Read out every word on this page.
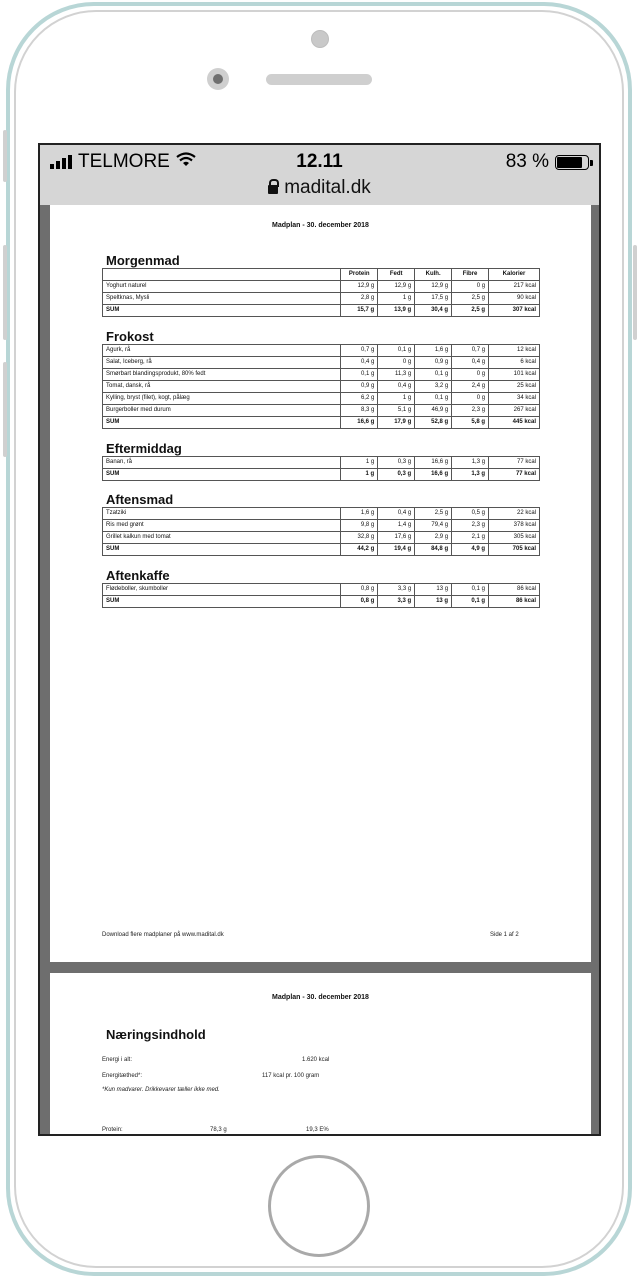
TELMORE	12.11	83 %
madital.dk
Madplan - 30. december 2018
Download flere madplaner på www.madital.dk	Side 1 af 2
Morgenmad
	Protein	Fedt	Kulh.	Fibre	Kalorier
Yoghurt naturel	12,9 g	12,9 g	12,9 g	0 g	217 kcal
Speltknas, Mysli	2,8 g	1 g	17,5 g	2,5 g	90 kcal
SUM	15,7 g	13,9 g	30,4 g	2,5 g	307 kcal
Frokost
Agurk, rå	0,7 g	0,1 g	1,6 g	0,7 g	12 kcal
Salat, Iceberg, rå	0,4 g	0 g	0,9 g	0,4 g	6 kcal
Smørbart blandingsprodukt, 80% fedt	0,1 g	11,3 g	0,1 g	0 g	101 kcal
Tomat, dansk, rå	0,9 g	0,4 g	3,2 g	2,4 g	25 kcal
Kylling, bryst (filet), kogt, pålæg	6,2 g	1 g	0,1 g	0 g	34 kcal
Burgerboller med durum	8,3 g	5,1 g	46,9 g	2,3 g	267 kcal
SUM	16,6 g	17,9 g	52,8 g	5,8 g	445 kcal
Eftermiddag
Banan, rå	1 g	0,3 g	16,6 g	1,3 g	77 kcal
SUM	1 g	0,3 g	16,6 g	1,3 g	77 kcal
Aftensmad
Tzatziki	1,6 g	0,4 g	2,5 g	0,5 g	22 kcal
Ris med grønt	9,8 g	1,4 g	79,4 g	2,3 g	378 kcal
Grillet kalkun med tomat	32,8 g	17,6 g	2,9 g	2,1 g	305 kcal
SUM	44,2 g	19,4 g	84,8 g	4,9 g	705 kcal
Aftenkaffe
Flødeboller, skumboller	0,8 g	3,3 g	13 g	0,1 g	86 kcal
SUM	0,8 g	3,3 g	13 g	0,1 g	86 kcal
Madplan - 30. december 2018
Næringsindhold
Energi i alt:	1.620 kcal
Energitæthed*:	117 kcal pr. 100 gram
*Kun madvarer. Drikkevarer tæller ikke med.
Protein:	78,3 g	19,3 E%
